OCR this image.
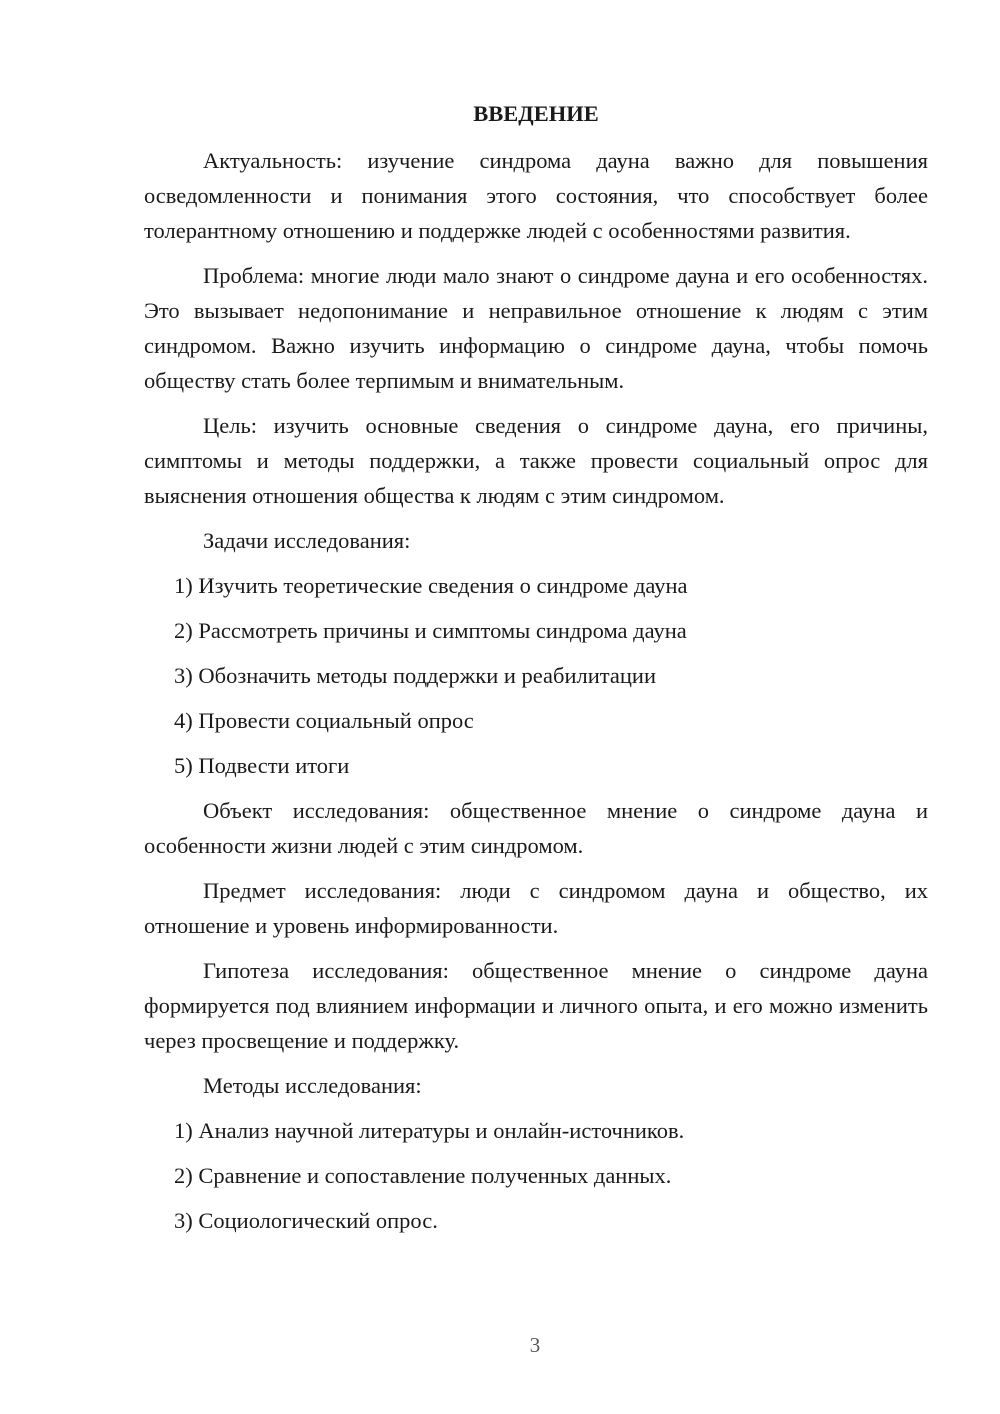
ВВЕДЕНИЕ

Актуальность: изучение синдрома дауна важно для повышения осведомленности и понимания этого состояния, что способствует более толерантному отношению и поддержке людей с особенностями развития.

Проблема: многие люди мало знают о синдроме дауна и его особенностях. Это вызывает недопонимание и неправильное отношение к людям с этим синдромом. Важно изучить информацию о синдроме дауна, чтобы помочь обществу стать более терпимым и внимательным.

Цель: изучить основные сведения о синдроме дауна, его причины, симптомы и методы поддержки, а также провести социальный опрос для выяснения отношения общества к людям с этим синдромом.

Задачи исследования:

1) Изучить теоретические сведения о синдроме дауна
2) Рассмотреть причины и симптомы синдрома дауна
3) Обозначить методы поддержки и реабилитации
4) Провести социальный опрос
5) Подвести итоги

Объект исследования: общественное мнение о синдроме дауна и особенности жизни людей с этим синдромом.

Предмет исследования: люди с синдромом дауна и общество, их отношение и уровень информированности.

Гипотеза исследования: общественное мнение о синдроме дауна формируется под влиянием информации и личного опыта, и его можно изменить через просвещение и поддержку.

Методы исследования:

1) Анализ научной литературы и онлайн-источников.
2) Сравнение и сопоставление полученных данных.
3) Социологический опрос.
3
